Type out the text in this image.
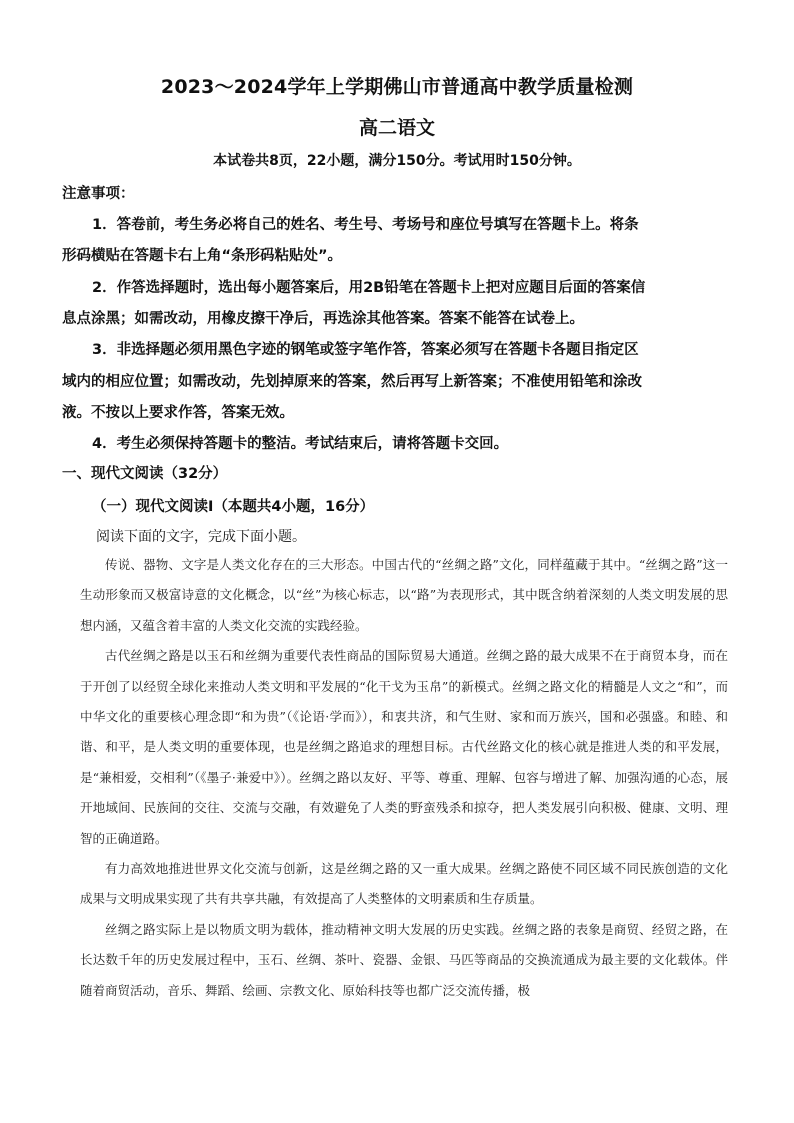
2023～2024学年上学期佛山市普通高中教学质量检测
高二语文
本试卷共8页，22小题，满分150分。考试用时150分钟。
注意事项：
1．答卷前，考生务必将自己的姓名、考生号、考场号和座位号填写在答题卡上。将条
形码横贴在答题卡右上角“条形码粘贴处”。
2．作答选择题时，选出每小题答案后，用2B铅笔在答题卡上把对应题目后面的答案信
息点涂黑；如需改动，用橡皮擦干净后，再选涂其他答案。答案不能答在试卷上。
3．非选择题必须用黑色字迹的钢笔或签字笔作答，答案必须写在答题卡各题目指定区
域内的相应位置；如需改动，先划掉原来的答案，然后再写上新答案；不准使用铅笔和涂改
液。不按以上要求作答，答案无效。
4．考生必须保持答题卡的整洁。考试结束后，请将答题卡交回。
一、现代文阅读（32分）
（一）现代文阅读Ⅰ（本题共4小题，16分）
阅读下面的文字，完成下面小题。

传说、器物、文字是人类文化存在的三大形态。中国古代的“丝绸之路”文化，同样蕴藏于其中。“丝绸之路”这一生动形象而又极富诗意的文化概念，以“丝”为核心标志，以“路”为表现形式，其中既含纳着深刻的人类文明发展的思想内涵，又蕴含着丰富的人类文化交流的实践经验。

古代丝绸之路是以玉石和丝绸为重要代表性商品的国际贸易大通道。丝绸之路的最大成果不在于商贸本身，而在于开创了以经贸全球化来推动人类文明和平发展的“化干戈为玉帛”的新模式。丝绸之路文化的精髓是人文之“和”，而中华文化的重要核心理念即“和为贵”（《论语·学而》），和衷共济，和气生财、家和而万族兴，国和必强盛。和睦、和谐、和平，是人类文明的重要体现，也是丝绸之路追求的理想目标。古代丝路文化的核心就是推进人类的和平发展，是“兼相爱，交相利”（《墨子·兼爱中》）。丝绸之路以友好、平等、尊重、理解、包容与增进了解、加强沟通的心态，展开地域间、民族间的交往、交流与交融，有效避免了人类的野蛮残杀和掠夺，把人类发展引向积极、健康、文明、理智的正确道路。

有力高效地推进世界文化交流与创新，这是丝绸之路的又一重大成果。丝绸之路使不同区域不同民族创造的文化成果与文明成果实现了共有共享共融，有效提高了人类整体的文明素质和生存质量。

丝绸之路实际上是以物质文明为载体，推动精神文明大发展的历史实践。丝绸之路的表象是商贸、经贸之路，在长达数千年的历史发展过程中，玉石、丝绸、茶叶、瓷器、金银、马匹等商品的交换流通成为最主要的文化载体。伴随着商贸活动，音乐、舞蹈、绘画、宗教文化、原始科技等也都广泛交流传播，极
